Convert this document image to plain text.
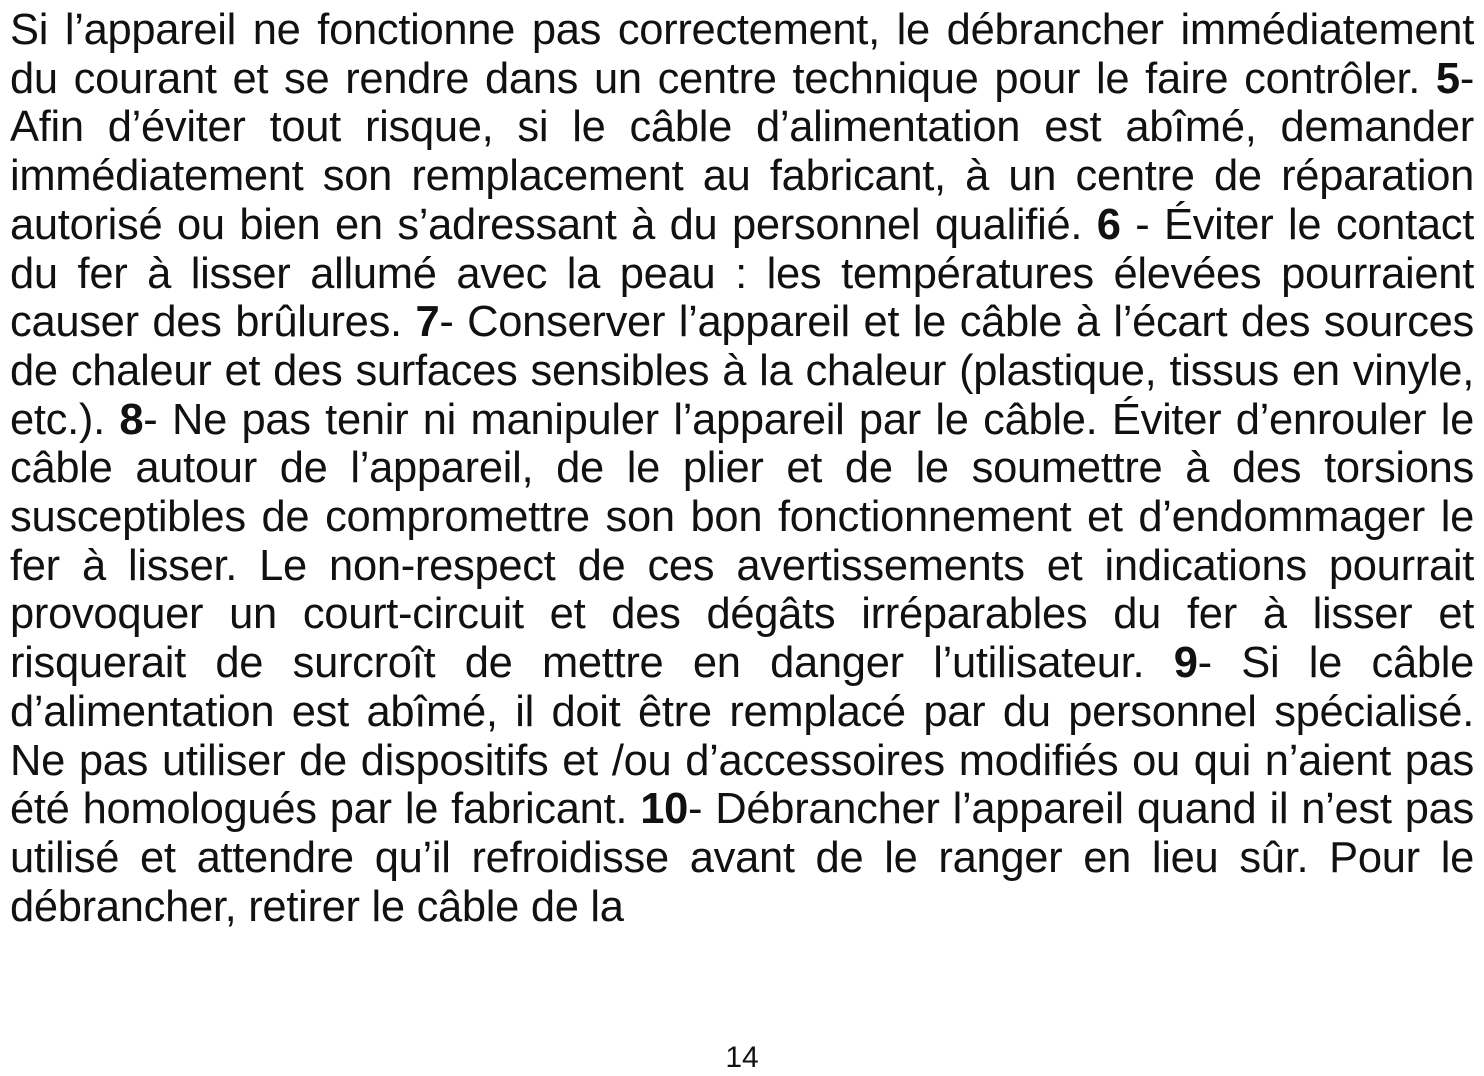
Si l’appareil ne fonctionne pas correctement, le débrancher immédiatement du courant et se rendre dans un centre technique pour le faire contrôler. 5- Afin d’éviter tout risque, si le câble d’alimentation est abîmé, demander immédiatement son remplacement au fabricant, à un centre de réparation autorisé ou bien en s’adressant à du personnel qualifié. 6 - Éviter le contact du fer à lisser allumé avec la peau : les températures élevées pourraient causer des brûlures. 7- Conserver l’appareil et le câble à l’écart des sources de chaleur et des surfaces sensibles à la chaleur (plastique, tissus en vinyle, etc.). 8- Ne pas tenir ni manipuler l’appareil par le câble. Éviter d’enrouler le câble autour de l’appareil, de le plier et de le soumettre à des torsions susceptibles de compromettre son bon fonctionnement et d’endommager le fer à lisser. Le non-respect de ces avertissements et indications pourrait provoquer un court-circuit et des dégâts irréparables du fer à lisser et risquerait de surcroît de mettre en danger l’utilisateur. 9- Si le câble d’alimentation est abîmé, il doit être remplacé par du personnel spécialisé. Ne pas utiliser de dispositifs et /ou d’accessoires modifiés ou qui n’aient pas été homologués par le fabricant. 10- Débrancher l’appareil quand il n’est pas utilisé et attendre qu’il refroidisse avant de le ranger en lieu sûr. Pour le débrancher, retirer le câble de la

14
